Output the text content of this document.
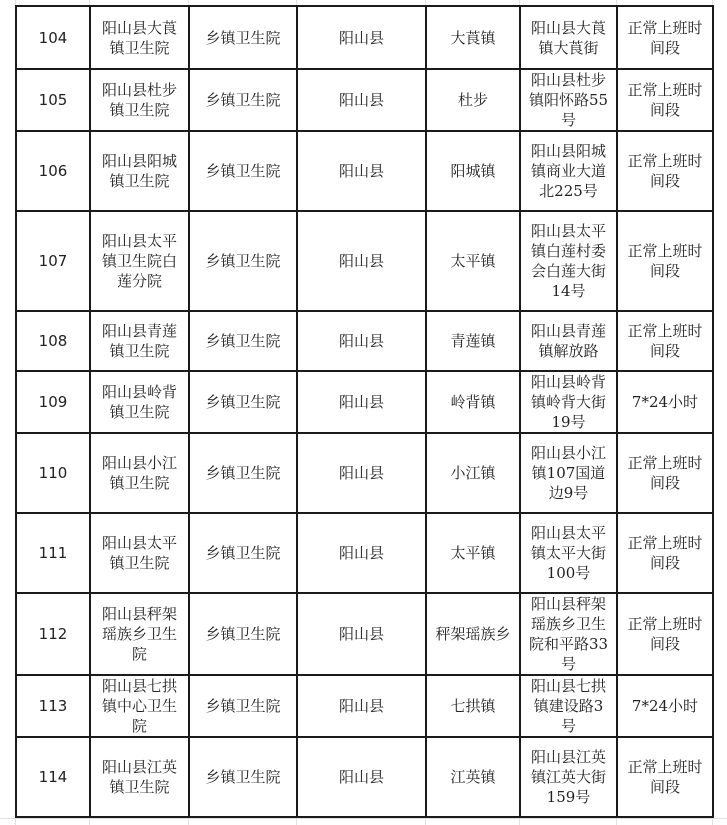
104	阳山县大莨镇卫生院	乡镇卫生院	阳山县	大莨镇	阳山县大莨镇大莨街	正常上班时间段

105	阳山县杜步镇卫生院	乡镇卫生院	阳山县	杜步	阳山县杜步镇阳怀路55号	正常上班时间段

106	阳山县阳城镇卫生院	乡镇卫生院	阳山县	阳城镇	阳山县阳城镇商业大道北225号	正常上班时间段

107	阳山县太平镇卫生院白莲分院	乡镇卫生院	阳山县	太平镇	阳山县太平镇白莲村委会白莲大街14号	正常上班时间段

108	阳山县青莲镇卫生院	乡镇卫生院	阳山县	青莲镇	阳山县青莲镇解放路	正常上班时间段

109	阳山县岭背镇卫生院	乡镇卫生院	阳山县	岭背镇	阳山县岭背镇岭背大街19号	7*24小时

110	阳山县小江镇卫生院	乡镇卫生院	阳山县	小江镇	阳山县小江镇107国道边9号	正常上班时间段

111	阳山县太平镇卫生院	乡镇卫生院	阳山县	太平镇	阳山县太平镇太平大街100号	正常上班时间段

112	阳山县秤架瑶族乡卫生院	乡镇卫生院	阳山县	秤架瑶族乡	阳山县秤架瑶族乡卫生院和平路33号	正常上班时间段

113	阳山县七拱镇中心卫生院	乡镇卫生院	阳山县	七拱镇	阳山县七拱镇建设路3号	7*24小时

114	阳山县江英镇卫生院	乡镇卫生院	阳山县	江英镇	阳山县江英镇江英大街159号	正常上班时间段
